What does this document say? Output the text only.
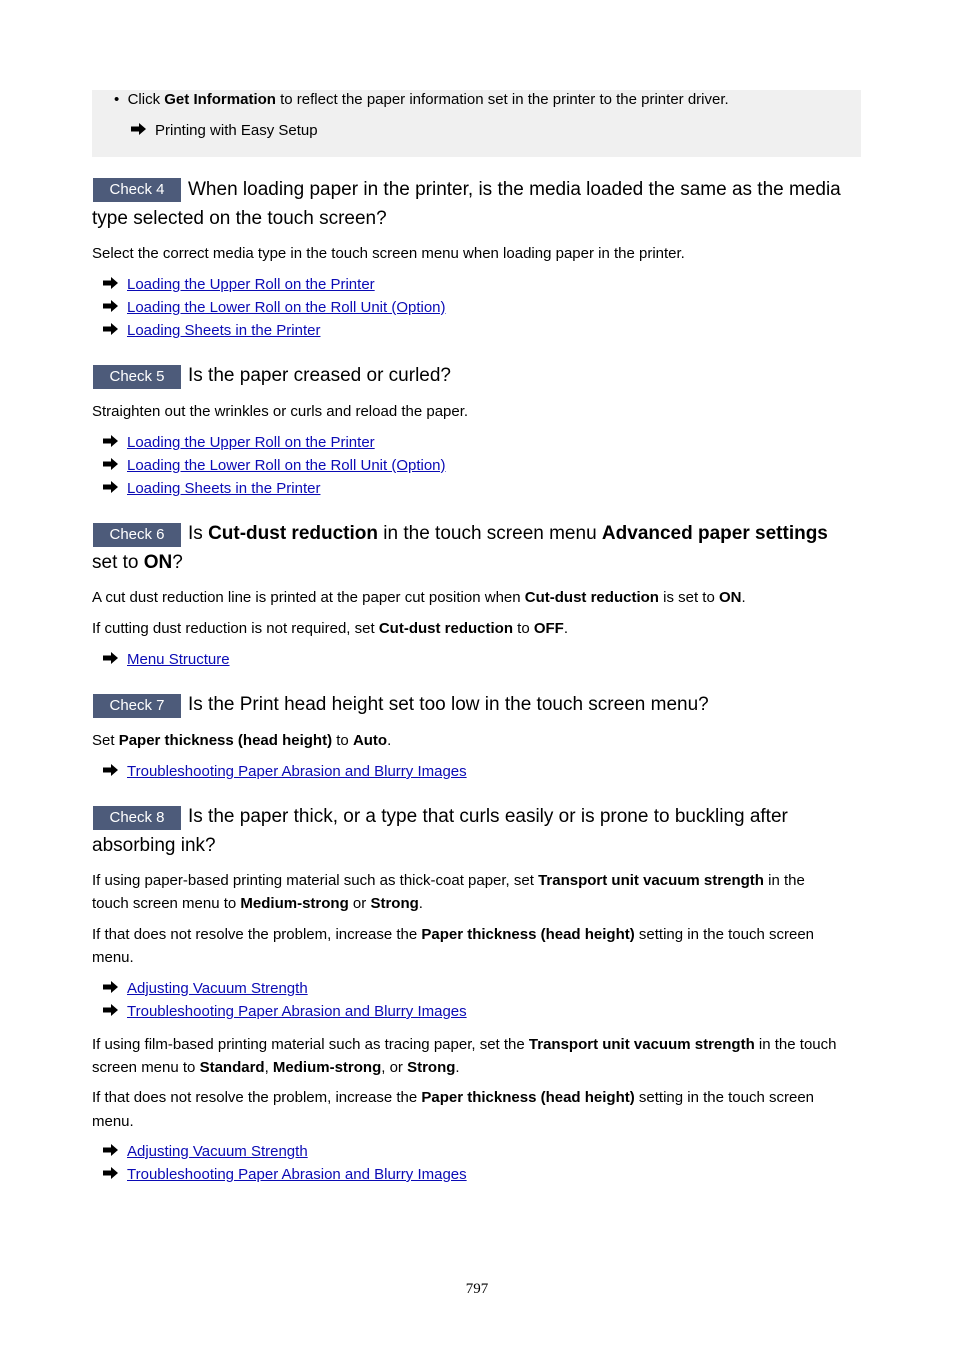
•  Click Get Information to reflect the paper information set in the printer to the printer driver.
Printing with Easy Setup
Check 4	When loading paper in the printer, is the media loaded the same as the media
type selected on the touch screen?
Select the correct media type in the touch screen menu when loading paper in the printer.
Loading the Upper Roll on the Printer
Loading the Lower Roll on the Roll Unit (Option)
Loading Sheets in the Printer
Check 5	Is the paper creased or curled?
Straighten out the wrinkles or curls and reload the paper.
Loading the Upper Roll on the Printer
Loading the Lower Roll on the Roll Unit (Option)
Loading Sheets in the Printer
Check 6	Is Cut-dust reduction in the touch screen menu Advanced paper settings
set to ON?
A cut dust reduction line is printed at the paper cut position when Cut-dust reduction is set to ON.
If cutting dust reduction is not required, set Cut-dust reduction to OFF.
Menu Structure
Check 7	Is the Print head height set too low in the touch screen menu?
Set Paper thickness (head height) to Auto.
Troubleshooting Paper Abrasion and Blurry Images
Check 8	Is the paper thick, or a type that curls easily or is prone to buckling after
absorbing ink?
If using paper-based printing material such as thick-coat paper, set Transport unit vacuum strength in the
touch screen menu to Medium-strong or Strong.
If that does not resolve the problem, increase the Paper thickness (head height) setting in the touch screen
menu.
Adjusting Vacuum Strength
Troubleshooting Paper Abrasion and Blurry Images
If using film-based printing material such as tracing paper, set the Transport unit vacuum strength in the touch
screen menu to Standard, Medium-strong, or Strong.
If that does not resolve the problem, increase the Paper thickness (head height) setting in the touch screen
menu.
Adjusting Vacuum Strength
Troubleshooting Paper Abrasion and Blurry Images
797
